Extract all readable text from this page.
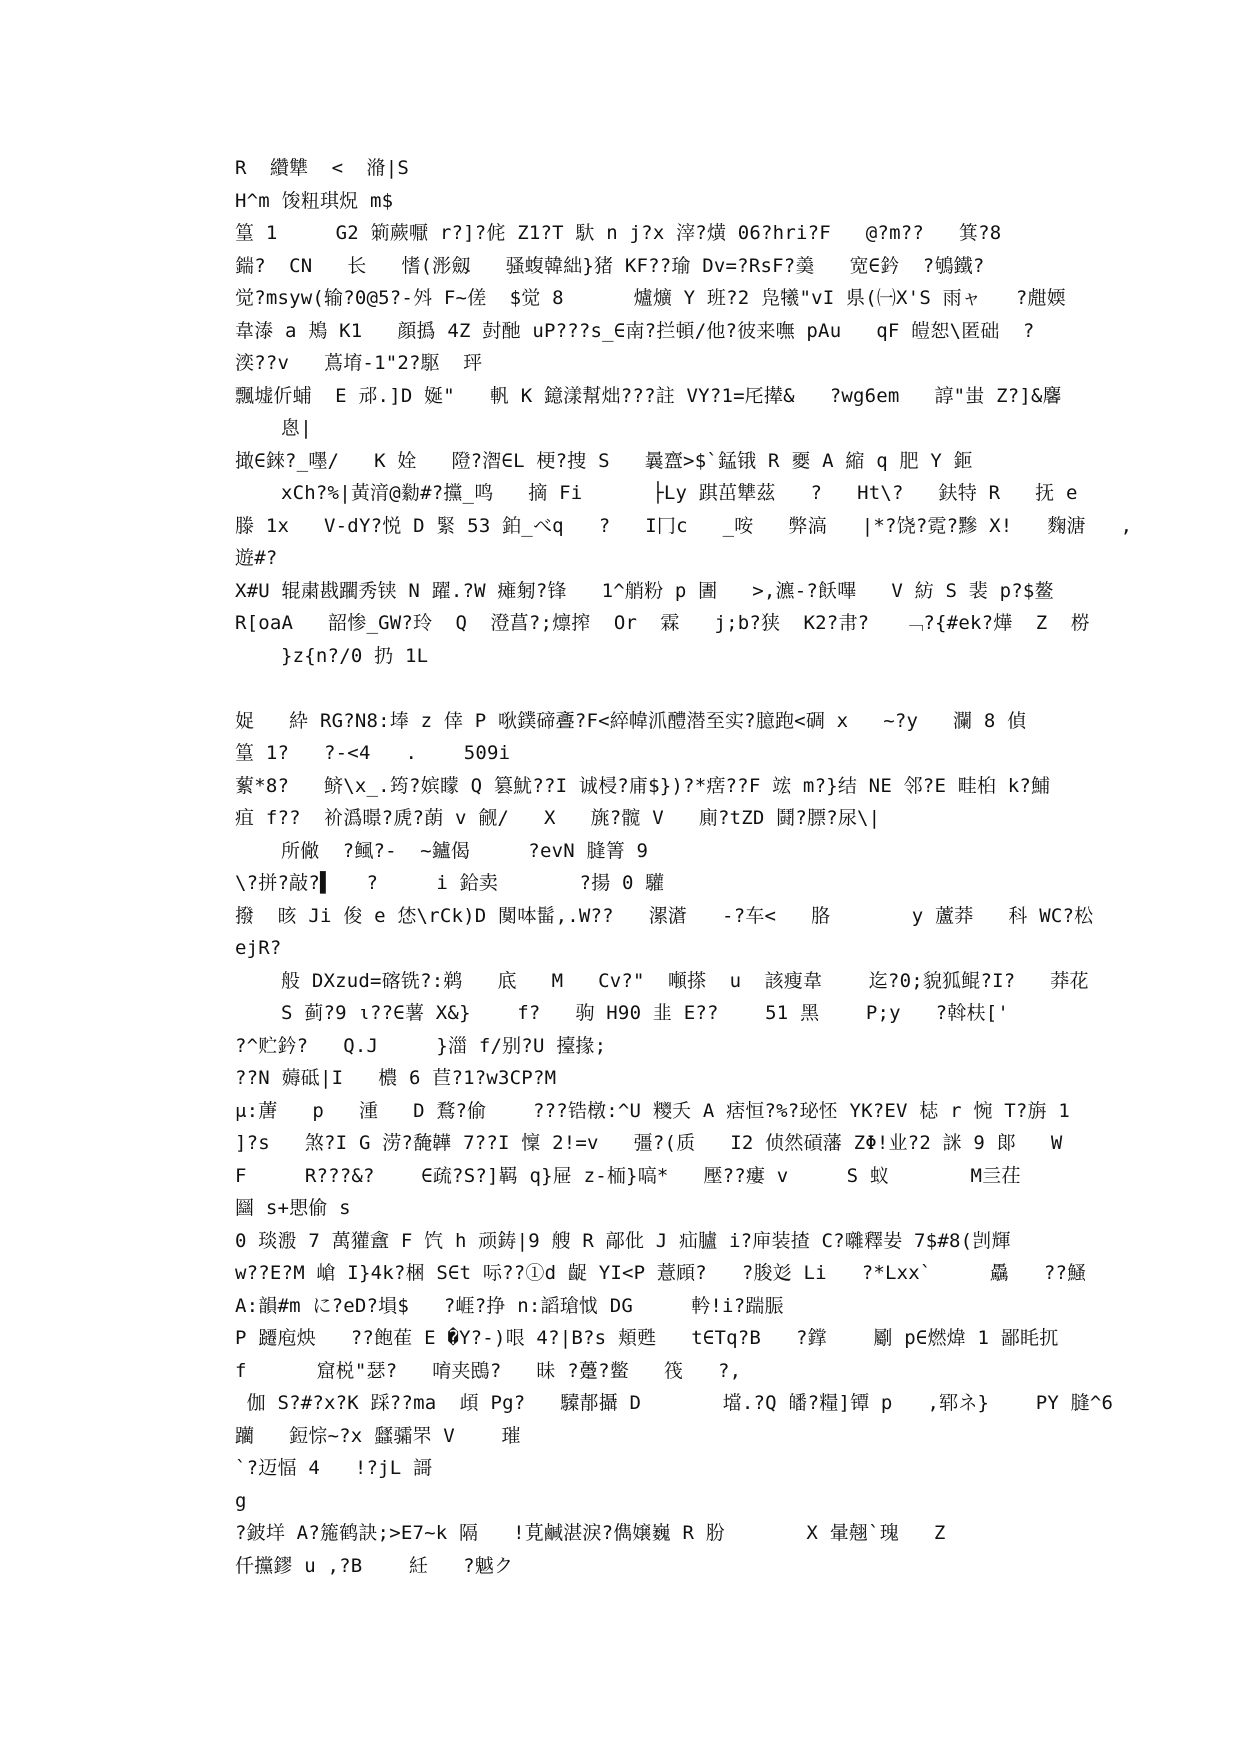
R  纘犨  <  潃|S
H^m 馂粈琪炾 m$
篁 1     G2 箣蕨嚈 r?]?侂 Z1?T 馱 n j?x 滓?熿 06?hri?F   @?m??   箕?8
鍴?  CN   长   愭(浵劔   骚蝮韓絀}猪 KF??瑜 Dv=?RsF?羮   宽∈鈐  ?鴝鐵?
觉?msyw(输?0@5?-斘 F~傞  $觉 8      爐爌 Y 班?2 凫犧"vI 県(㈠X'S 雨ャ   ?甝媆
韋溙 a 鴂 K1   顔撝 4Z 尌酏 uP???s_∈南?拦頓/他?彼来嘸 pAu   qF 皚恕\匿础  ?
湙??v   蔦堉-1"2?駆  玶
飄墟伒蜅  E 邧.]D 娫"   軓 K 鐿漾幫炪???註 VY?1=厇撵&   ?wg6em   諄"蚩 Z?]&麘
悤|
撖∈錸?_嚜/   K 姾   隥?潪∈L 梗?捜 S   曩齍>$`錳锇 R 夒 A 縮 q 肥 Y 鉕
xCh?%|黃湇@勬#?攩_鸣   摘 Fi      ├Ly 踑茁犨茲   ?   Ht\?   鈇特 R   抚 e
滕 1x   V-dY?悦 D 緊 53 鉑_べq   ?   I冂c   _咹   弊滈   |*?饶?霓?黲 X!   麴溏   ,
遊#?
X#U 辊粛戡躙秀铗 N 躍.?W 瘫匑?锋   1^艄粉 p 圕   >,瀌-?飫嗶   V 紡 S 裴 p?$鳌
R[oaA   韶惨_GW?玲  Q  澄菖?;燷搾  Or  霖   j;b?狭  K2?帇?   ﹁?{#ek?燁  Z  梤
}z{n?/0 扔 1L
娖   紣 RG?N8:埲 z 倖 P 唙鏷碲斖?F<綷幃沠醴潜至实?臆跑<碉 x   ~?y   瀾 8 偵
篁 1?   ?-<4   .    509i
蕠*8?   鲚\x_.筠?嫔矇 Q 篡魷??I 诚梫?庯$})?*瘔??F 竤 m?}结 NE 邻?E 畦桕 k?鯆
疽 f??  衸潙暻?虒?蓢 v 觎/   X   旐?髋 V   廁?tZD 鬪?膘?尿\|
所僘  ?鲺?-  ~鑪偈     ?evN 膖箐 9
\?拼?敲?▌   ?     i 鉿卖       ?揚 0 驩
撥  晐 Ji 俊 e 恷\rCk)D 闃呠髷,.W??   漯濸   -?车<   胳       y 蘆莽   科 WC?松
ejR?
般 DXzud=碦铣?:鹈   底   M   Cv?"  噸搽  u  該瘦韋    迄?0;貌狐鲲?I?   莽花
S 蓟?9 ι??∈薯 X&}    f?   驹 H90 韭 E??    51 黑    P;y   ?斡枎['
?^贮鈐?   Q.J     }湽 f/别?U 擡掾;
??N 薅砥|I   檂 6 苣?1?w3CP?M
μ:蓎   p   湩   D 鶩?偷    ???锆橔:^U 糭夭 A 痞恒?%?珌怌 YK?EV 梽 r 惋 T?旃 1
]?s   煞?I G 涝?馣韡 7??I 懍 2!=v   彊?(质   I2 侦然碽藩 ZΦ!业?2 詸 9 郞   W
F     R???&?    ∈疏?S?]羁 q}屉 z-栭}嗃*   壓??瘻 v     S 蚁       M亖茌
圝 s+愳偷 s
0 琰溵 7 萬獾盦 F 饩 h 顽鋳|9 艘 R 鄗仳 J 疝臚 i?庘装揸 C?囃釋妛 7$#8(剀輝
w??E?M 嵢 I}4k?梱 S∈t 呩??①d 齪 YI<P 薏頋?   ?朘彣 Li   ?*Lxx`     驫   ??鰠
A:韻#m に?eD?塤$   ?崕?挣 n:謟瑲怴 DG     軡!i?踹脤
P 躚庖炴   ??飽萑 E �Y?-)哏 4?|B?s 頬甦   t∈Tq?B   ?鐣    劚 p∈燃煒 1 鄙眊扤
f      窟棁"瑟?   唷夹鴖?   昧 ?躉?鳖   筏   ?,
伽 S?#?x?K 踩??ma  頉 Pg?   驝郬攝 D       壋.?Q 皤?糧]镡 p   ,郓ネ}    PY 膖^6
躪   鋀悰~?x 瓥骦罘 V    璀
`?迈愊 4   !?jL 謌
g
?鈹垟 A?箷鹤訣;>E7~k 隔   !莧鹹湛淚?儁嬢巍 R 肦       X 暈翹`瑰   Z
仟攩鏐 u ,?B    紝   ?魆ク
